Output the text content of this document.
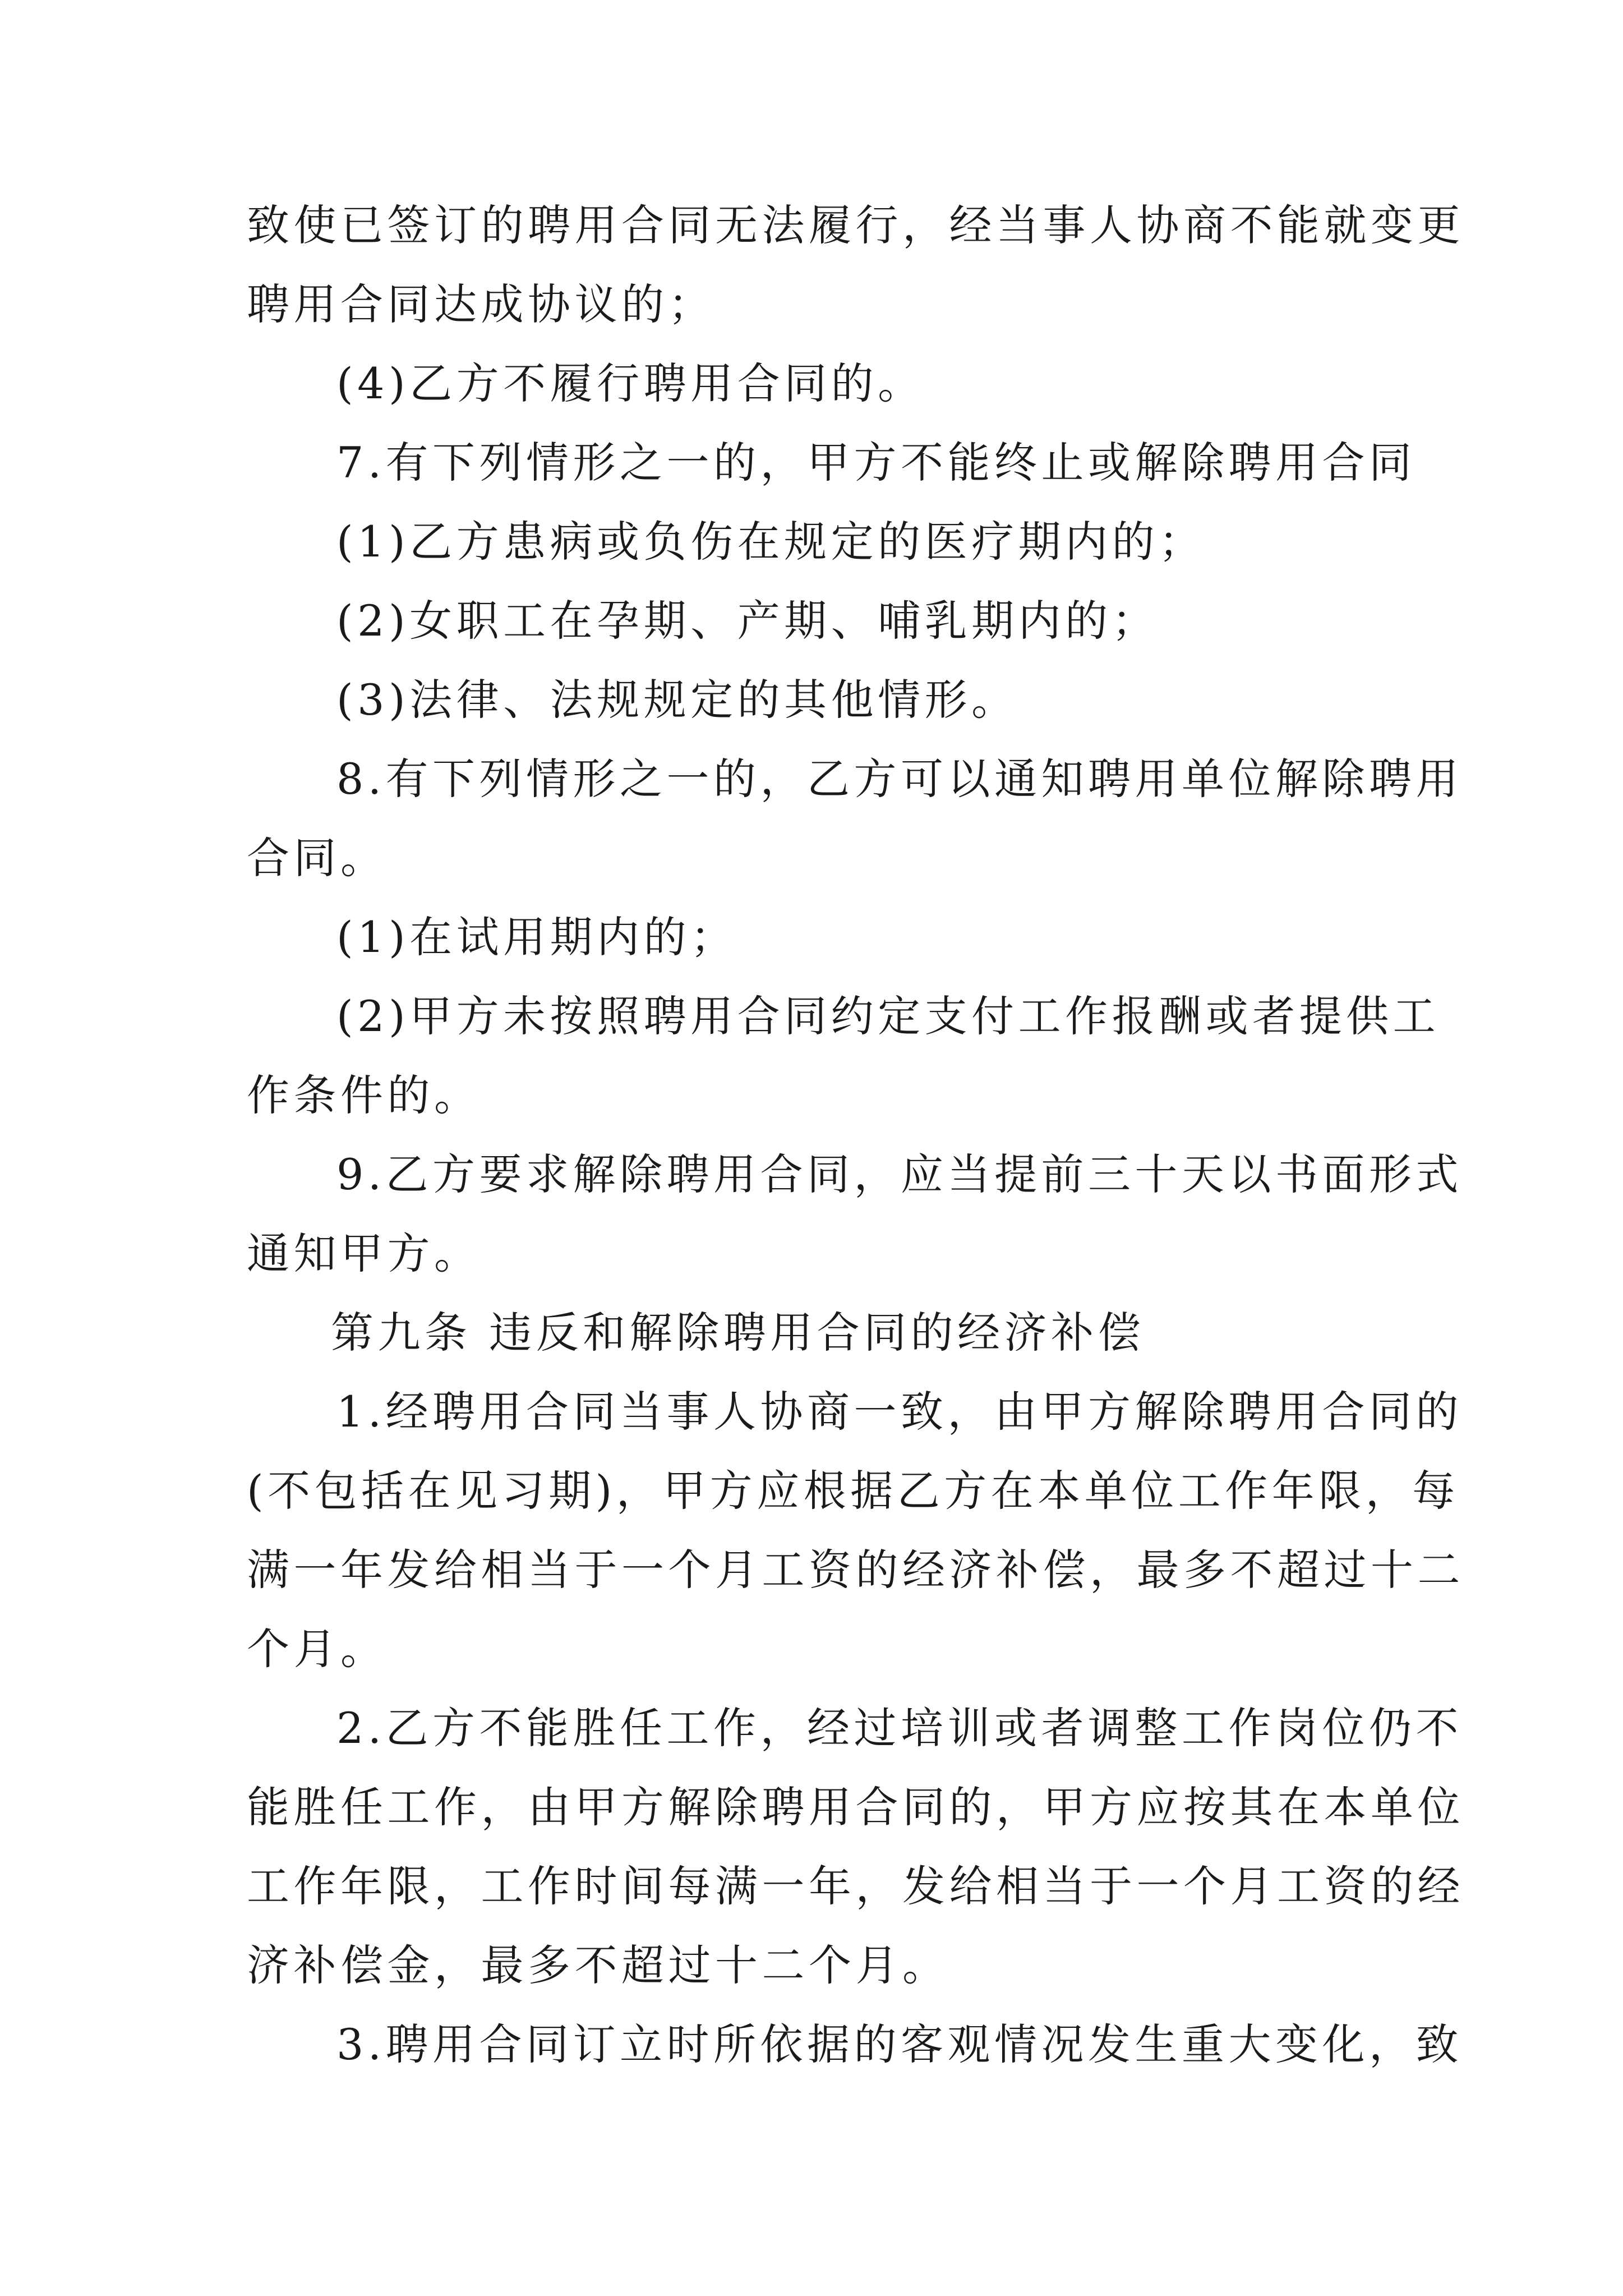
致使已签订的聘用合同无法履行，经当事人协商不能就变更
聘用合同达成协议的；
(4)乙方不履行聘用合同的。
7.有下列情形之一的，甲方不能终止或解除聘用合同
(1)乙方患病或负伤在规定的医疗期内的；
(2)女职工在孕期、产期、哺乳期内的；
(3)法律、法规规定的其他情形。
8.有下列情形之一的，乙方可以通知聘用单位解除聘用
合同。
(1)在试用期内的；
(2)甲方未按照聘用合同约定支付工作报酬或者提供工
作条件的。
9.乙方要求解除聘用合同，应当提前三十天以书面形式
通知甲方。
第九条 违反和解除聘用合同的经济补偿
1.经聘用合同当事人协商一致，由甲方解除聘用合同的
(不包括在见习期)，甲方应根据乙方在本单位工作年限，每
满一年发给相当于一个月工资的经济补偿，最多不超过十二
个月。
2.乙方不能胜任工作，经过培训或者调整工作岗位仍不
能胜任工作，由甲方解除聘用合同的，甲方应按其在本单位
工作年限，工作时间每满一年，发给相当于一个月工资的经
济补偿金，最多不超过十二个月。
3.聘用合同订立时所依据的客观情况发生重大变化，致
